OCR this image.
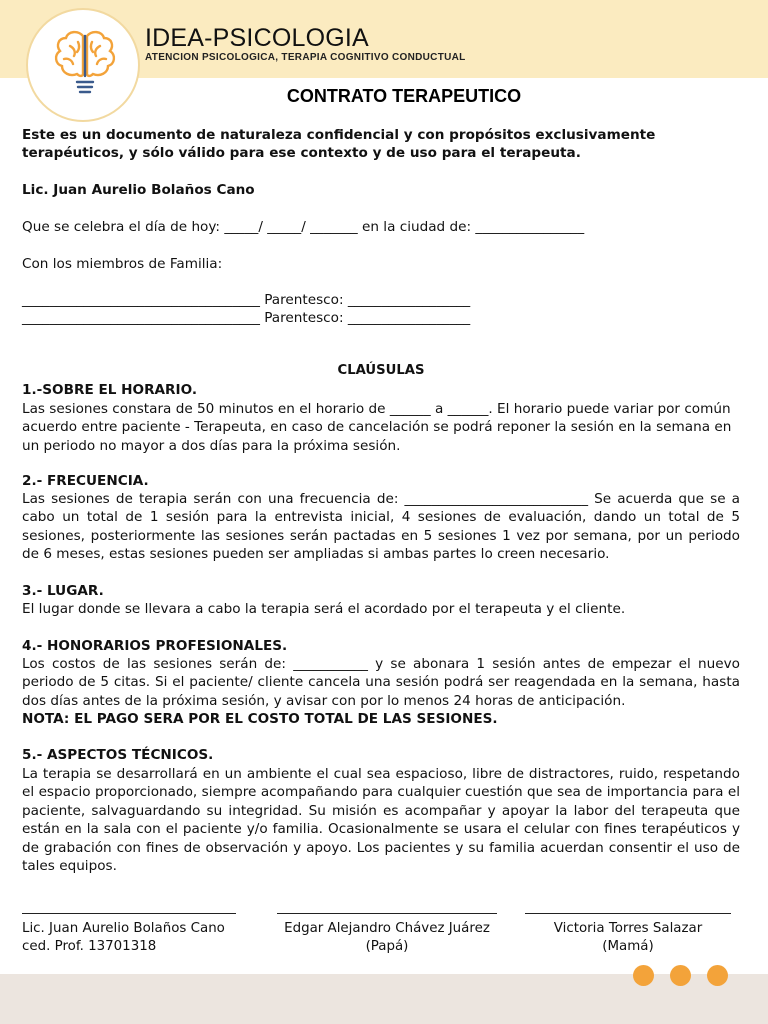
IDEA-PSICOLOGIA
ATENCION PSICOLOGICA, TERAPIA COGNITIVO CONDUCTUAL
CONTRATO TERAPEUTICO
Este es un documento de naturaleza confidencial y con propósitos exclusivamente terapéuticos, y sólo válido para ese contexto y de uso para el terapeuta.
Lic. Juan Aurelio Bolaños Cano
Que se celebra el día de hoy: _____/ _____/ _______ en la ciudad de: ________________
Con los miembros de Familia:
___________________________________ Parentesco: __________________
___________________________________ Parentesco: __________________
CLAÚSULAS
1.-SOBRE EL HORARIO.
Las sesiones constara de 50 minutos en el horario de ______ a ______. El horario puede variar por común acuerdo entre paciente - Terapeuta, en caso de cancelación se podrá reponer la sesión en la semana en un periodo no mayor a dos días para la próxima sesión.
2.- FRECUENCIA.
Las sesiones de terapia serán con una frecuencia de: ___________________________ Se acuerda que se a cabo un total de 1 sesión para la entrevista inicial, 4 sesiones de evaluación, dando un total de 5 sesiones, posteriormente las sesiones serán pactadas en 5 sesiones 1 vez por semana, por un periodo de 6 meses, estas sesiones pueden ser ampliadas si ambas partes lo creen necesario.
3.- LUGAR.
El lugar donde se llevara a cabo la terapia será el acordado por el terapeuta y el cliente.
4.- HONORARIOS PROFESIONALES.
Los costos de las sesiones serán de: ___________ y se abonara 1 sesión antes de empezar el nuevo periodo de 5 citas. Si el paciente/ cliente cancela una sesión podrá ser reagendada en la semana, hasta dos días antes de la próxima sesión, y avisar con por lo menos 24 horas de anticipación.
NOTA: EL PAGO SERA POR EL COSTO TOTAL DE LAS SESIONES.
5.- ASPECTOS TÉCNICOS.
La terapia se desarrollará en un ambiente el cual sea espacioso, libre de distractores, ruido, respetando el espacio proporcionado, siempre acompañando para cualquier cuestión que sea de importancia para el paciente, salvaguardando su integridad. Su misión es acompañar y apoyar la labor del terapeuta que están en la sala con el paciente y/o familia. Ocasionalmente se usara el celular con fines terapéuticos y de grabación con fines de observación y apoyo. Los pacientes y su familia acuerdan consentir el uso de tales equipos.
Lic. Juan Aurelio Bolaños Cano
ced. Prof. 13701318
Edgar Alejandro Chávez Juárez
(Papá)
Victoria Torres Salazar
(Mamá)
